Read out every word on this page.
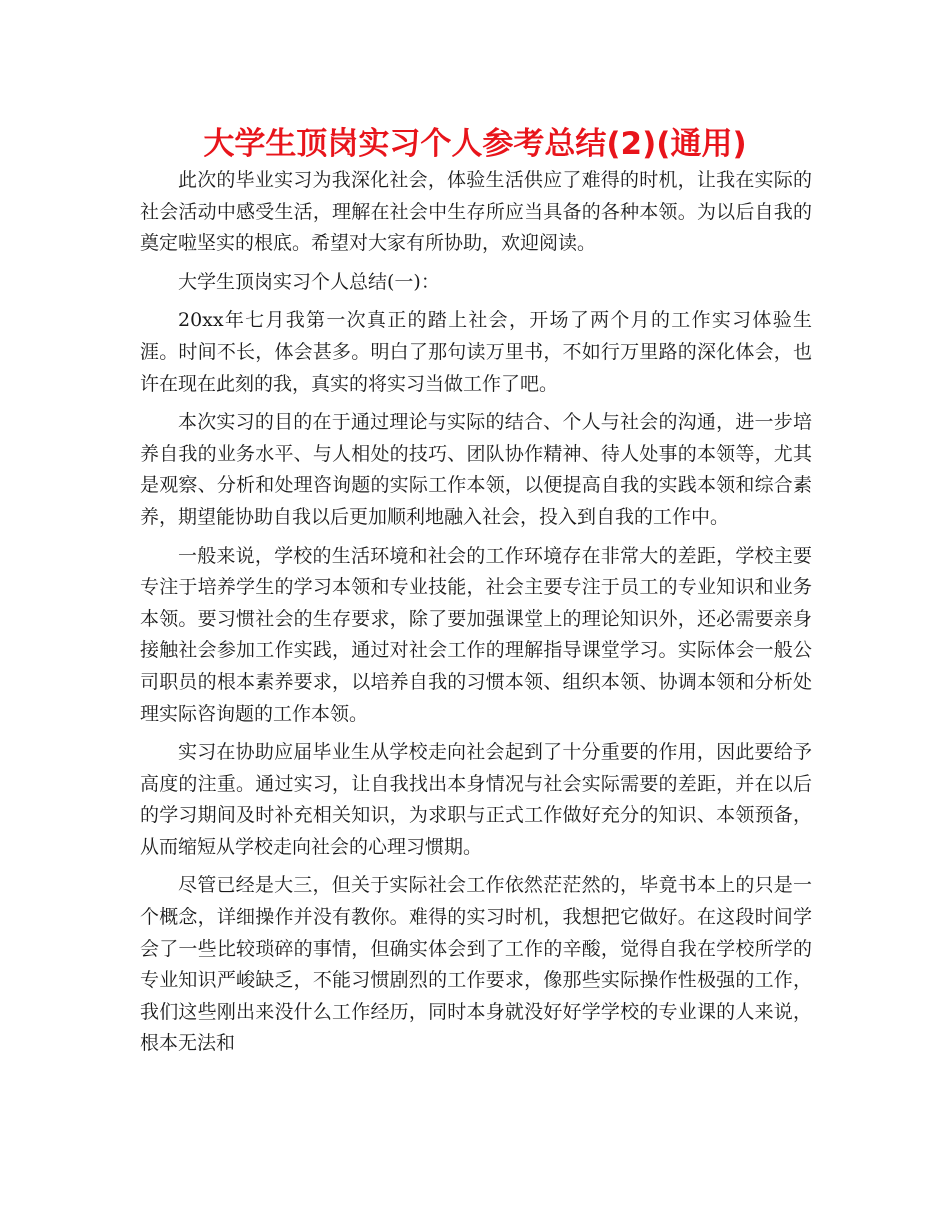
大学生顶岗实习个人参考总结(2)(通用)

此次的毕业实习为我深化社会，体验生活供应了难得的时机，让我在实际的社会活动中感受生活，理解在社会中生存所应当具备的各种本领。为以后自我的奠定啦坚实的根底。希望对大家有所协助，欢迎阅读。

大学生顶岗实习个人总结(一)：

20xx年七月我第一次真正的踏上社会，开场了两个月的工作实习体验生涯。时间不长，体会甚多。明白了那句读万里书，不如行万里路的深化体会，也许在现在此刻的我，真实的将实习当做工作了吧。

本次实习的目的在于通过理论与实际的结合、个人与社会的沟通，进一步培养自我的业务水平、与人相处的技巧、团队协作精神、待人处事的本领等，尤其是观察、分析和处理咨询题的实际工作本领，以便提高自我的实践本领和综合素养，期望能协助自我以后更加顺利地融入社会，投入到自我的工作中。

一般来说，学校的生活环境和社会的工作环境存在非常大的差距，学校主要专注于培养学生的学习本领和专业技能，社会主要专注于员工的专业知识和业务本领。要习惯社会的生存要求，除了要加强课堂上的理论知识外，还必需要亲身接触社会参加工作实践，通过对社会工作的理解指导课堂学习。实际体会一般公司职员的根本素养要求，以培养自我的习惯本领、组织本领、协调本领和分析处理实际咨询题的工作本领。

实习在协助应届毕业生从学校走向社会起到了十分重要的作用，因此要给予高度的注重。通过实习，让自我找出本身情况与社会实际需要的差距，并在以后的学习期间及时补充相关知识，为求职与正式工作做好充分的知识、本领预备，从而缩短从学校走向社会的心理习惯期。

尽管已经是大三，但关于实际社会工作依然茫茫然的，毕竟书本上的只是一个概念，详细操作并没有教你。难得的实习时机，我想把它做好。在这段时间学会了一些比较琐碎的事情，但确实体会到了工作的辛酸，觉得自我在学校所学的专业知识严峻缺乏，不能习惯剧烈的工作要求，像那些实际操作性极强的工作，我们这些刚出来没什么工作经历，同时本身就没好好学学校的专业课的人来说，根本无法和
